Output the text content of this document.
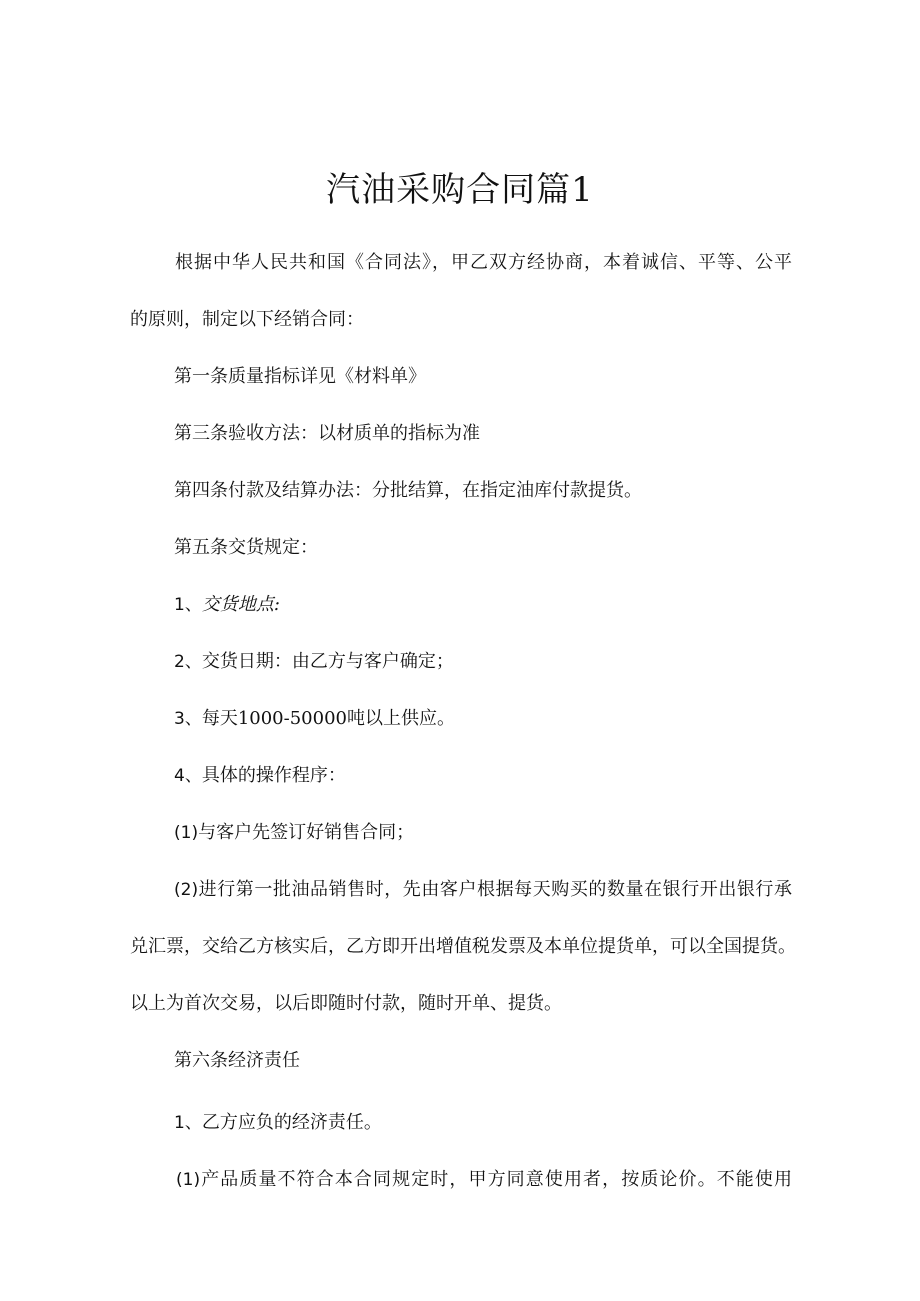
汽油采购合同篇1

根据中华人民共和国《合同法》，甲乙双方经协商，本着诚信、平等、公平

的原则，制定以下经销合同：

第一条质量指标详见《材料单》

第三条验收方法：以材质单的指标为准

第四条付款及结算办法：分批结算，在指定油库付款提货。

第五条交货规定：

1、交货地点:

2、交货日期：由乙方与客户确定；

3、每天1000-50000吨以上供应。

4、具体的操作程序：

(1)与客户先签订好销售合同；

(2)进行第一批油品销售时，先由客户根据每天购买的数量在银行开出银行承

兑汇票，交给乙方核实后，乙方即开出增值税发票及本单位提货单，可以全国提货。

以上为首次交易，以后即随时付款，随时开单、提货。

第六条经济责任

1、乙方应负的经济责任。

(1)产品质量不符合本合同规定时，甲方同意使用者，按质论价。不能使用
